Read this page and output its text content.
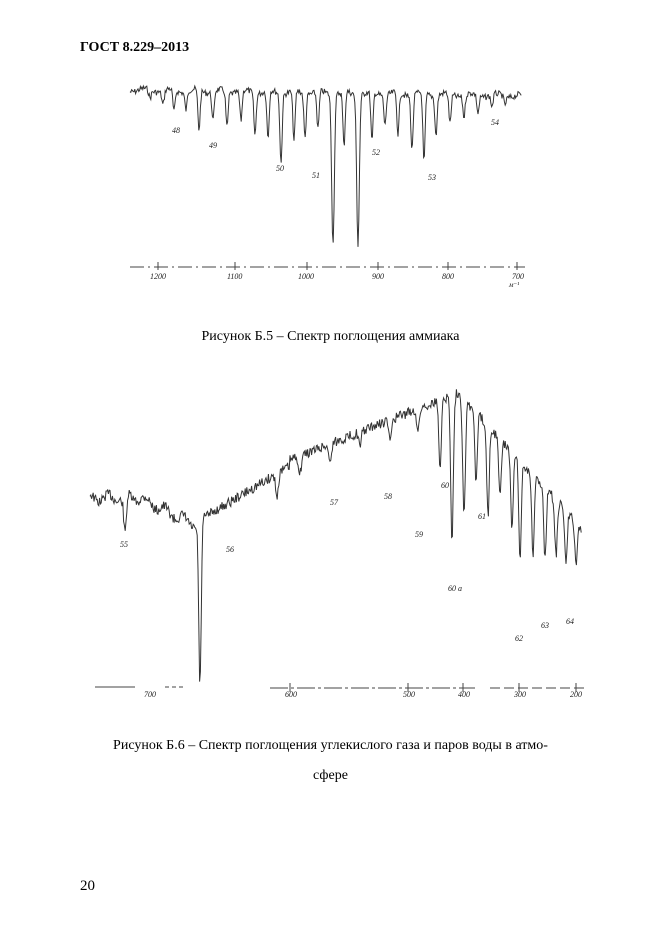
ГОСТ 8.229–2013
1200	1100	1000	900	800	700
м⁻¹
48
49
50
51
52
53
54
Рисунок Б.5 – Спектр поглощения аммиака
700	600	500	400	300	200
55
56
57
58
59
60
60 а
61
62
63 64
Рисунок Б.6 – Спектр поглощения углекислого газа и паров воды в атмо-
сфере
20
